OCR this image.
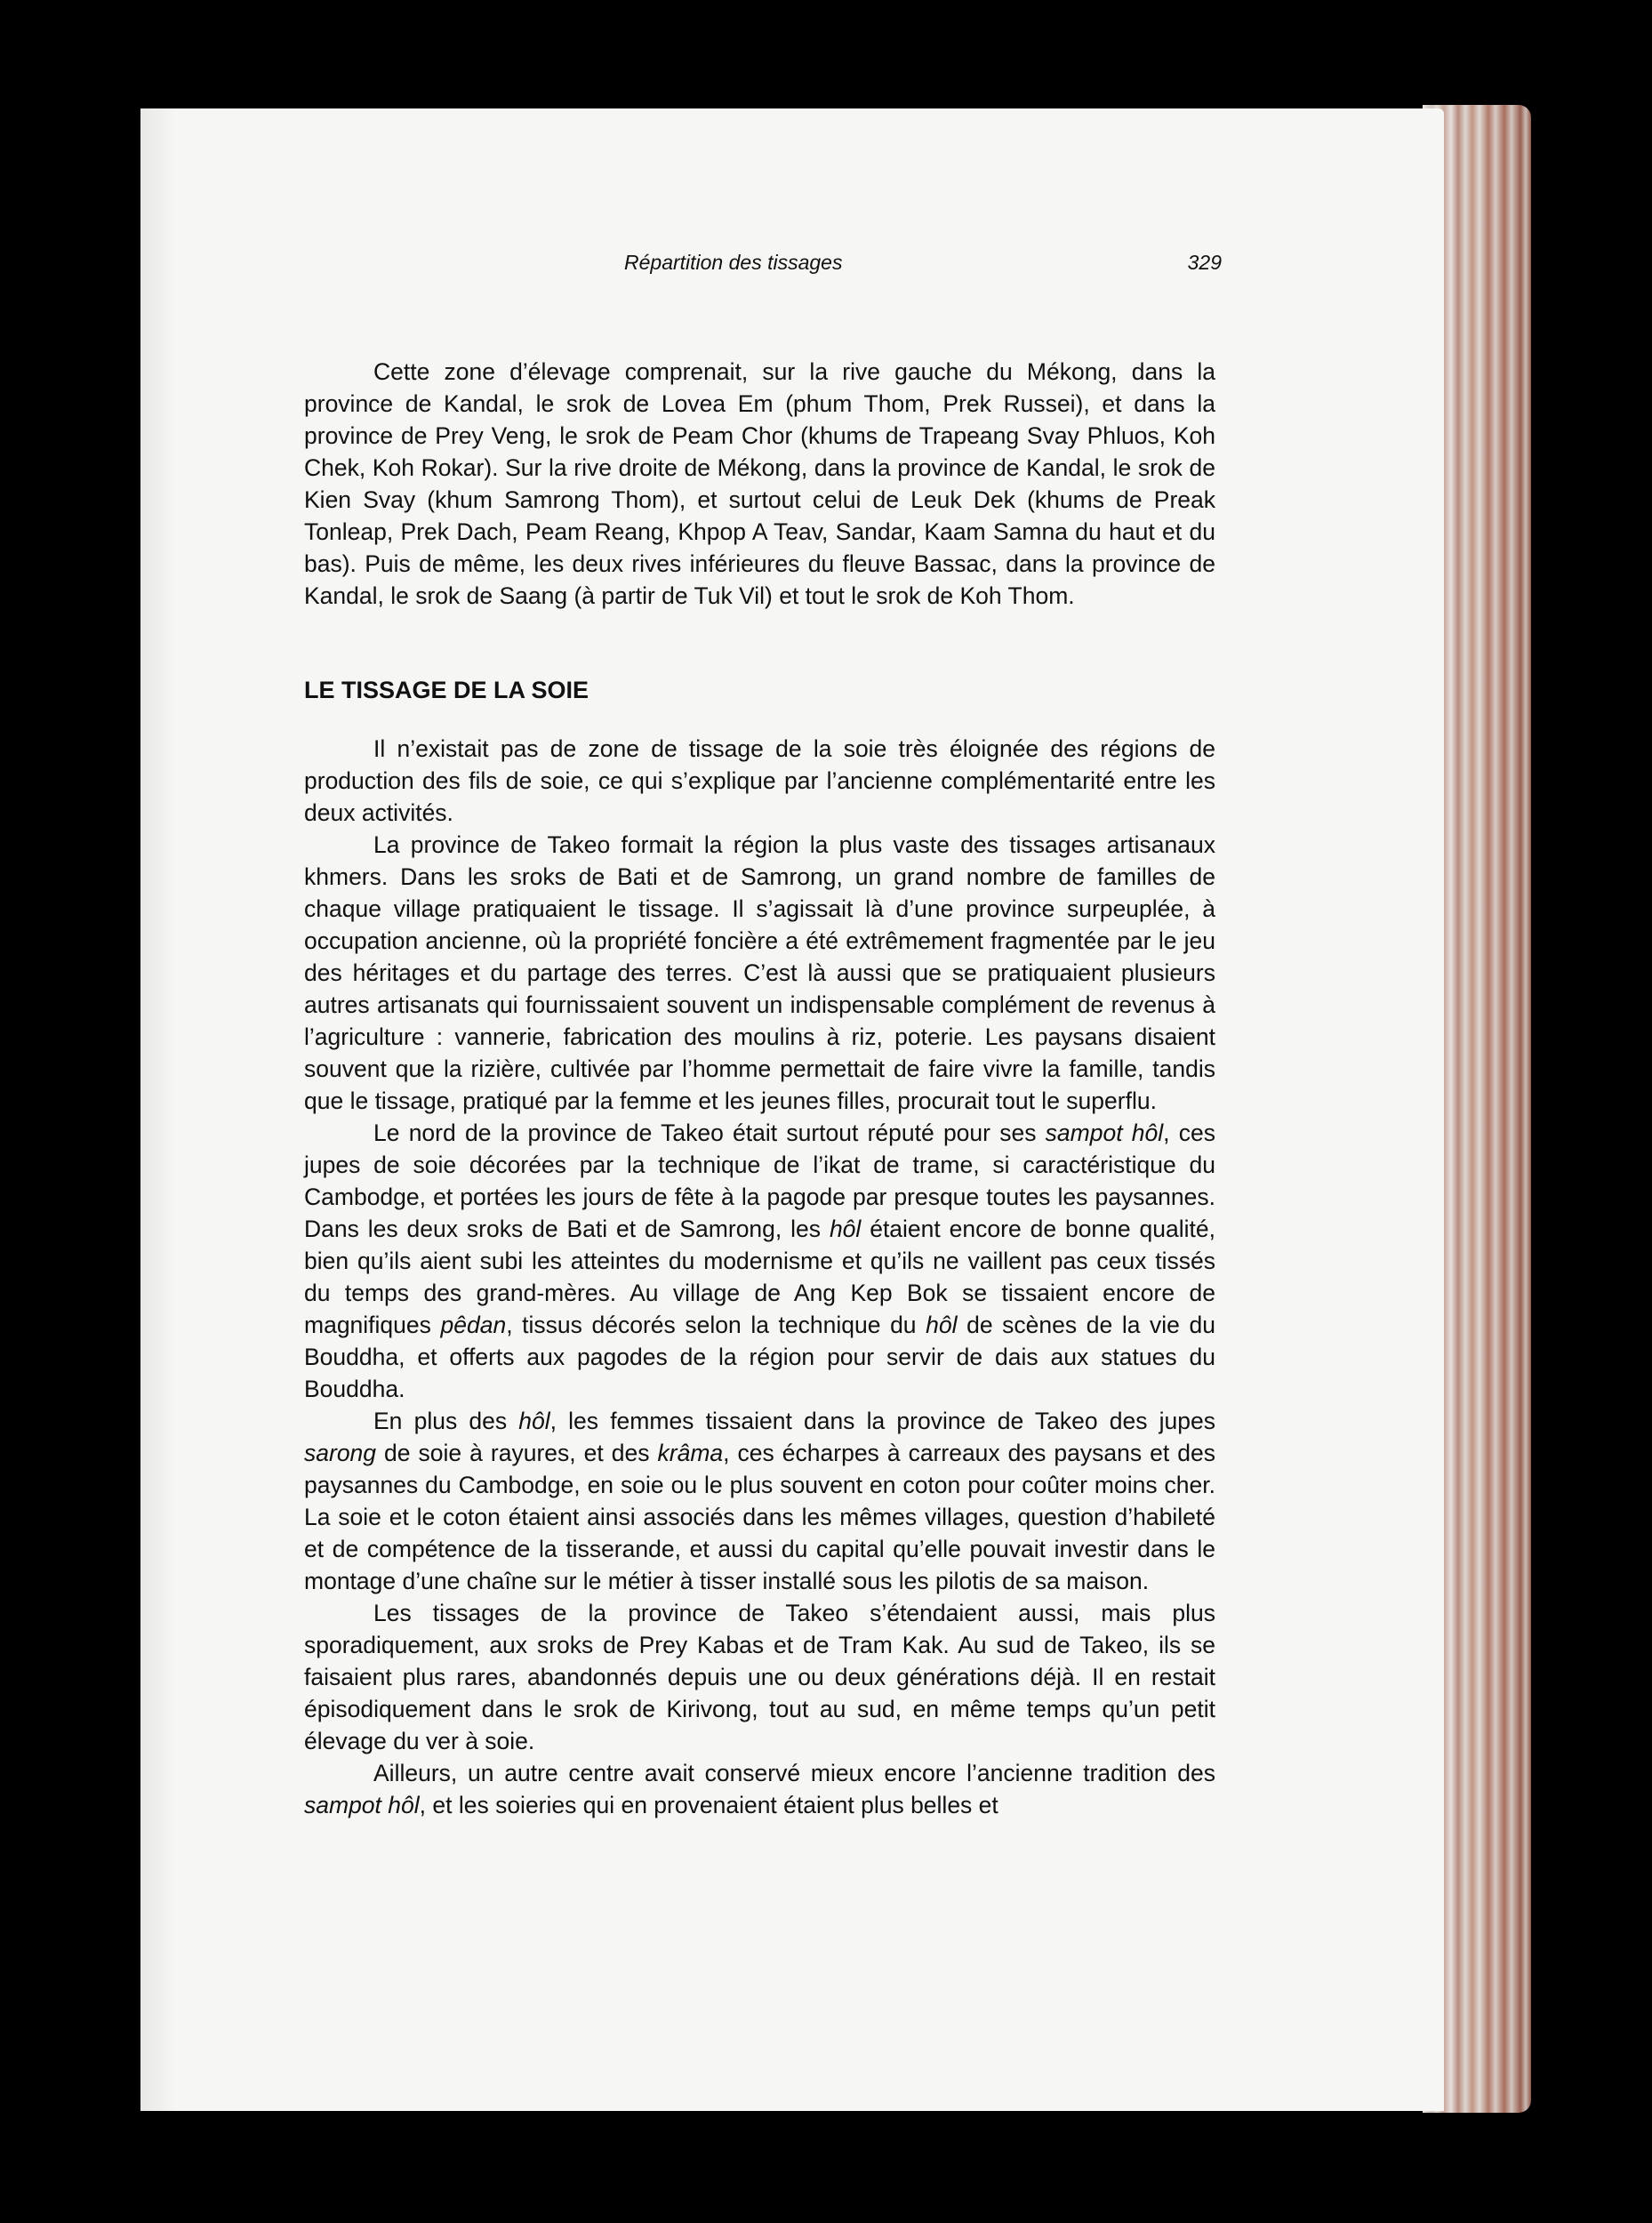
Répartition des tissages	329

Cette zone d’élevage comprenait, sur la rive gauche du Mékong, dans la province de Kandal, le srok de Lovea Em (phum Thom, Prek Russei), et dans la province de Prey Veng, le srok de Peam Chor (khums de Trapeang Svay Phluos, Koh Chek, Koh Rokar). Sur la rive droite de Mékong, dans la province de Kandal, le srok de Kien Svay (khum Samrong Thom), et surtout celui de Leuk Dek (khums de Preak Tonleap, Prek Dach, Peam Reang, Khpop A Teav, Sandar, Kaam Samna du haut et du bas). Puis de même, les deux rives inférieures du fleuve Bassac, dans la province de Kandal, le srok de Saang (à partir de Tuk Vil) et tout le srok de Koh Thom.

LE TISSAGE DE LA SOIE

Il n’existait pas de zone de tissage de la soie très éloignée des régions de production des fils de soie, ce qui s’explique par l’ancienne complémentarité entre les deux activités.

La province de Takeo formait la région la plus vaste des tissages artisanaux khmers. Dans les sroks de Bati et de Samrong, un grand nombre de familles de chaque village pratiquaient le tissage. Il s’agissait là d’une province surpeuplée, à occupation ancienne, où la propriété foncière a été extrêmement fragmentée par le jeu des héritages et du partage des terres. C’est là aussi que se pratiquaient plusieurs autres artisanats qui fournissaient souvent un indispensable complément de revenus à l’agriculture : vannerie, fabrication des moulins à riz, poterie. Les paysans disaient souvent que la rizière, cultivée par l’homme permettait de faire vivre la famille, tandis que le tissage, pratiqué par la femme et les jeunes filles, procurait tout le superflu.

Le nord de la province de Takeo était surtout réputé pour ses sampot hôl, ces jupes de soie décorées par la technique de l’ikat de trame, si caractéristique du Cambodge, et portées les jours de fête à la pagode par presque toutes les paysannes. Dans les deux sroks de Bati et de Samrong, les hôl étaient encore de bonne qualité, bien qu’ils aient subi les atteintes du modernisme et qu’ils ne vaillent pas ceux tissés du temps des grand-mères. Au village de Ang Kep Bok se tissaient encore de magnifiques pêdan, tissus décorés selon la technique du hôl de scènes de la vie du Bouddha, et offerts aux pagodes de la région pour servir de dais aux statues du Bouddha.

En plus des hôl, les femmes tissaient dans la province de Takeo des jupes sarong de soie à rayures, et des krâma, ces écharpes à carreaux des paysans et des paysannes du Cambodge, en soie ou le plus souvent en coton pour coûter moins cher. La soie et le coton étaient ainsi associés dans les mêmes villages, question d’habileté et de compétence de la tisserande, et aussi du capital qu’elle pouvait investir dans le montage d’une chaîne sur le métier à tisser installé sous les pilotis de sa maison.

Les tissages de la province de Takeo s’étendaient aussi, mais plus sporadiquement, aux sroks de Prey Kabas et de Tram Kak. Au sud de Takeo, ils se faisaient plus rares, abandonnés depuis une ou deux générations déjà. Il en restait épisodiquement dans le srok de Kirivong, tout au sud, en même temps qu’un petit élevage du ver à soie.

Ailleurs, un autre centre avait conservé mieux encore l’ancienne tradition des sampot hôl, et les soieries qui en provenaient étaient plus belles et
